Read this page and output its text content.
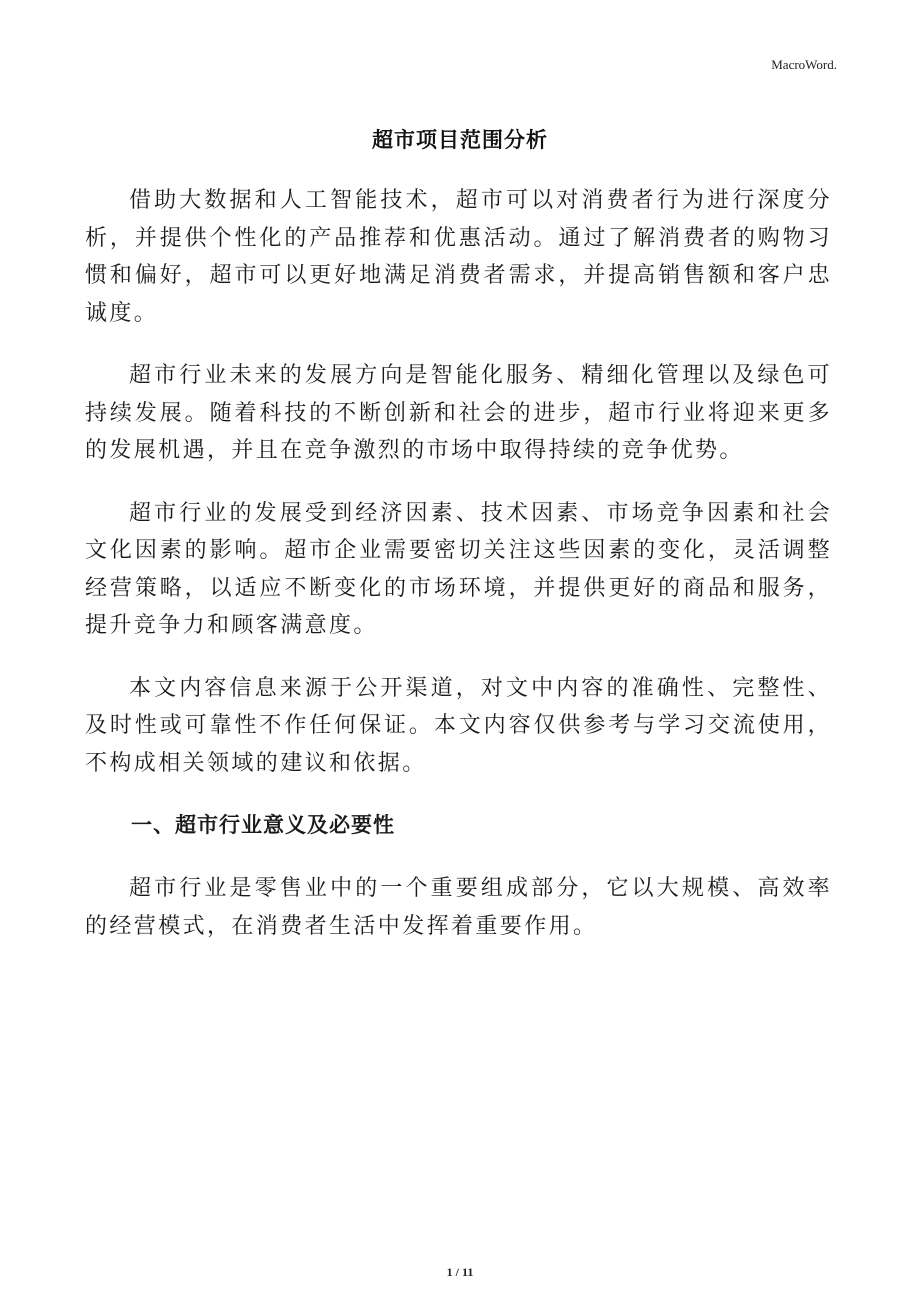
MacroWord.
超市项目范围分析

借助大数据和人工智能技术，超市可以对消费者行为进行深度分析，并提供个性化的产品推荐和优惠活动。通过了解消费者的购物习惯和偏好，超市可以更好地满足消费者需求，并提高销售额和客户忠诚度。

超市行业未来的发展方向是智能化服务、精细化管理以及绿色可持续发展。随着科技的不断创新和社会的进步，超市行业将迎来更多的发展机遇，并且在竞争激烈的市场中取得持续的竞争优势。

超市行业的发展受到经济因素、技术因素、市场竞争因素和社会文化因素的影响。超市企业需要密切关注这些因素的变化，灵活调整经营策略，以适应不断变化的市场环境，并提供更好的商品和服务，提升竞争力和顾客满意度。

本文内容信息来源于公开渠道，对文中内容的准确性、完整性、及时性或可靠性不作任何保证。本文内容仅供参考与学习交流使用，不构成相关领域的建议和依据。

一、超市行业意义及必要性

超市行业是零售业中的一个重要组成部分，它以大规模、高效率的经营模式，在消费者生活中发挥着重要作用。

1 / 11
